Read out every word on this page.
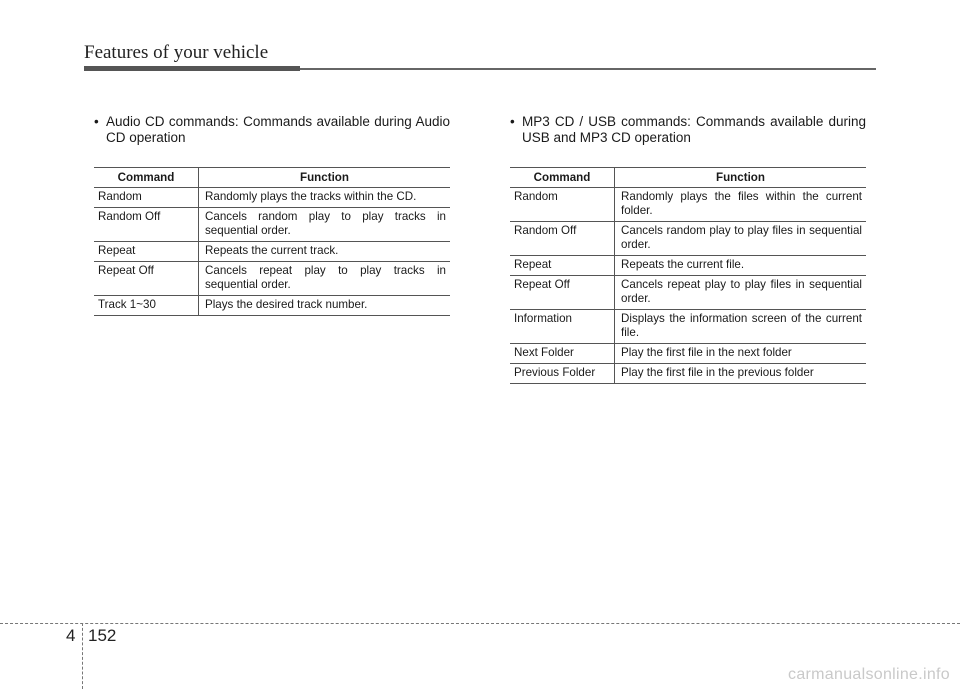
Features of your vehicle

• Audio CD commands: Commands available during Audio CD operation

Command	Function
Random	Randomly plays the tracks within the CD.
Random Off	Cancels random play to play tracks in sequential order.
Repeat	Repeats the current track.
Repeat Off	Cancels repeat play to play tracks in sequential order.
Track 1~30	Plays the desired track number.

• MP3 CD / USB commands: Commands available during USB and MP3 CD operation

Command	Function
Random	Randomly plays the files within the current folder.
Random Off	Cancels random play to play files in sequential order.
Repeat	Repeats the current file.
Repeat Off	Cancels repeat play to play files in sequential order.
Information	Displays the information screen of the current file.
Next Folder	Play the first file in the next folder
Previous Folder	Play the first file in the previous folder
4 152
carmanualsonline.info
